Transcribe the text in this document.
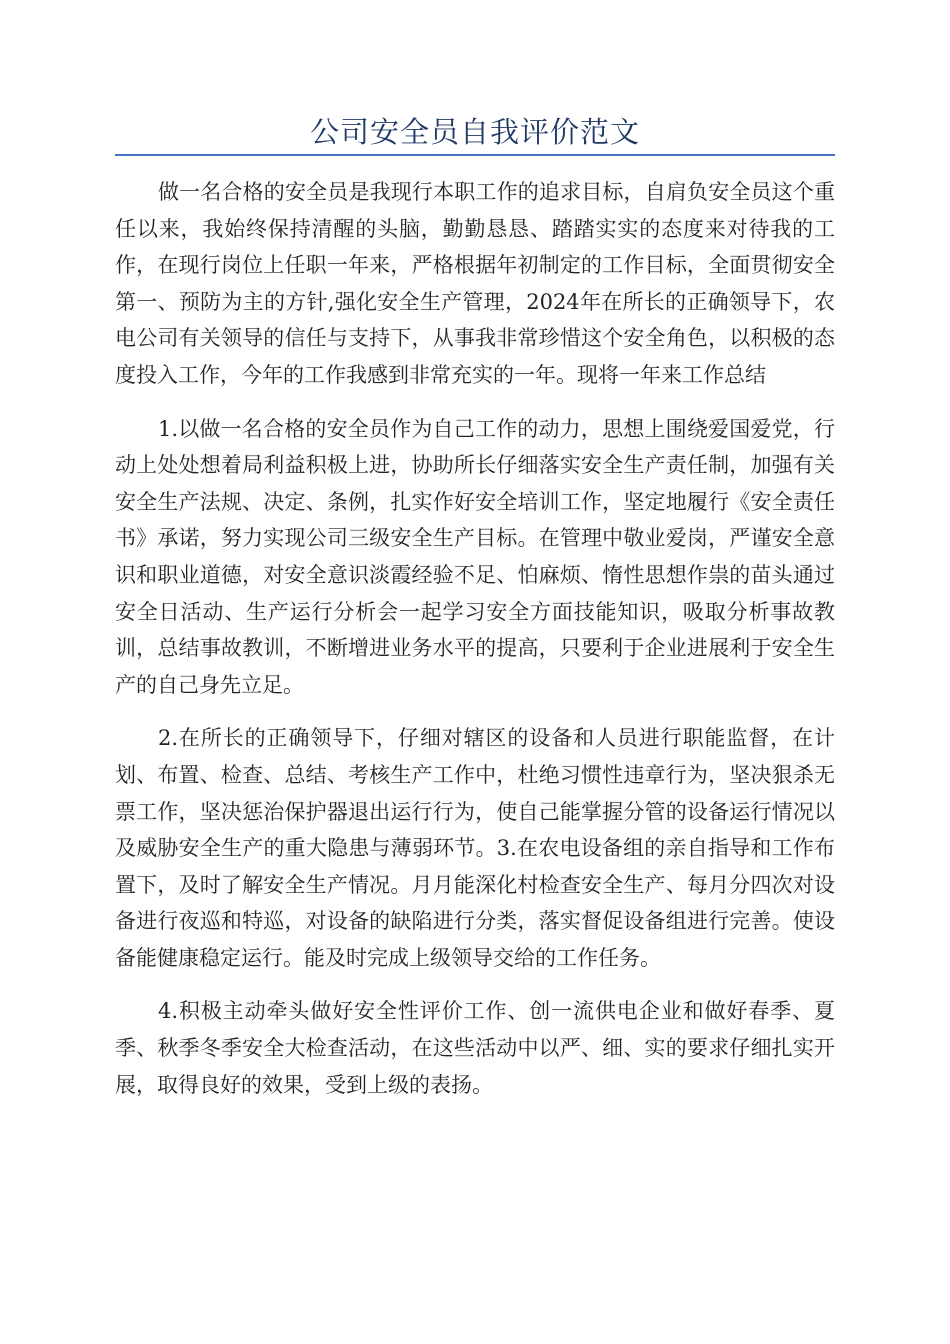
公司安全员自我评价范文

做一名合格的安全员是我现行本职工作的追求目标，自肩负安全员这个重任以来，我始终保持清醒的头脑，勤勤恳恳、踏踏实实的态度来对待我的工作，在现行岗位上任职一年来，严格根据年初制定的工作目标，全面贯彻安全第一、预防为主的方针,强化安全生产管理，2024年在所长的正确领导下，农电公司有关领导的信任与支持下，从事我非常珍惜这个安全角色，以积极的态度投入工作，今年的工作我感到非常充实的一年。现将一年来工作总结

1.以做一名合格的安全员作为自己工作的动力，思想上围绕爱国爱党，行动上处处想着局利益积极上进，协助所长仔细落实安全生产责任制，加强有关安全生产法规、决定、条例，扎实作好安全培训工作，坚定地履行《安全责任书》承诺，努力实现公司三级安全生产目标。在管理中敬业爱岗，严谨安全意识和职业道德，对安全意识淡霞经验不足、怕麻烦、惰性思想作祟的苗头通过安全日活动、生产运行分析会一起学习安全方面技能知识，吸取分析事故教训，总结事故教训，不断增进业务水平的提高，只要利于企业进展利于安全生产的自己身先立足。

2.在所长的正确领导下，仔细对辖区的设备和人员进行职能监督，在计划、布置、检查、总结、考核生产工作中，杜绝习惯性违章行为，坚决狠杀无票工作，坚决惩治保护器退出运行行为，使自己能掌握分管的设备运行情况以及威胁安全生产的重大隐患与薄弱环节。3.在农电设备组的亲自指导和工作布置下，及时了解安全生产情况。月月能深化村检查安全生产、每月分四次对设备进行夜巡和特巡，对设备的缺陷进行分类，落实督促设备组进行完善。使设备能健康稳定运行。能及时完成上级领导交给的工作任务。

4.积极主动牵头做好安全性评价工作、创一流供电企业和做好春季、夏季、秋季冬季安全大检查活动，在这些活动中以严、细、实的要求仔细扎实开展，取得良好的效果，受到上级的表扬。
